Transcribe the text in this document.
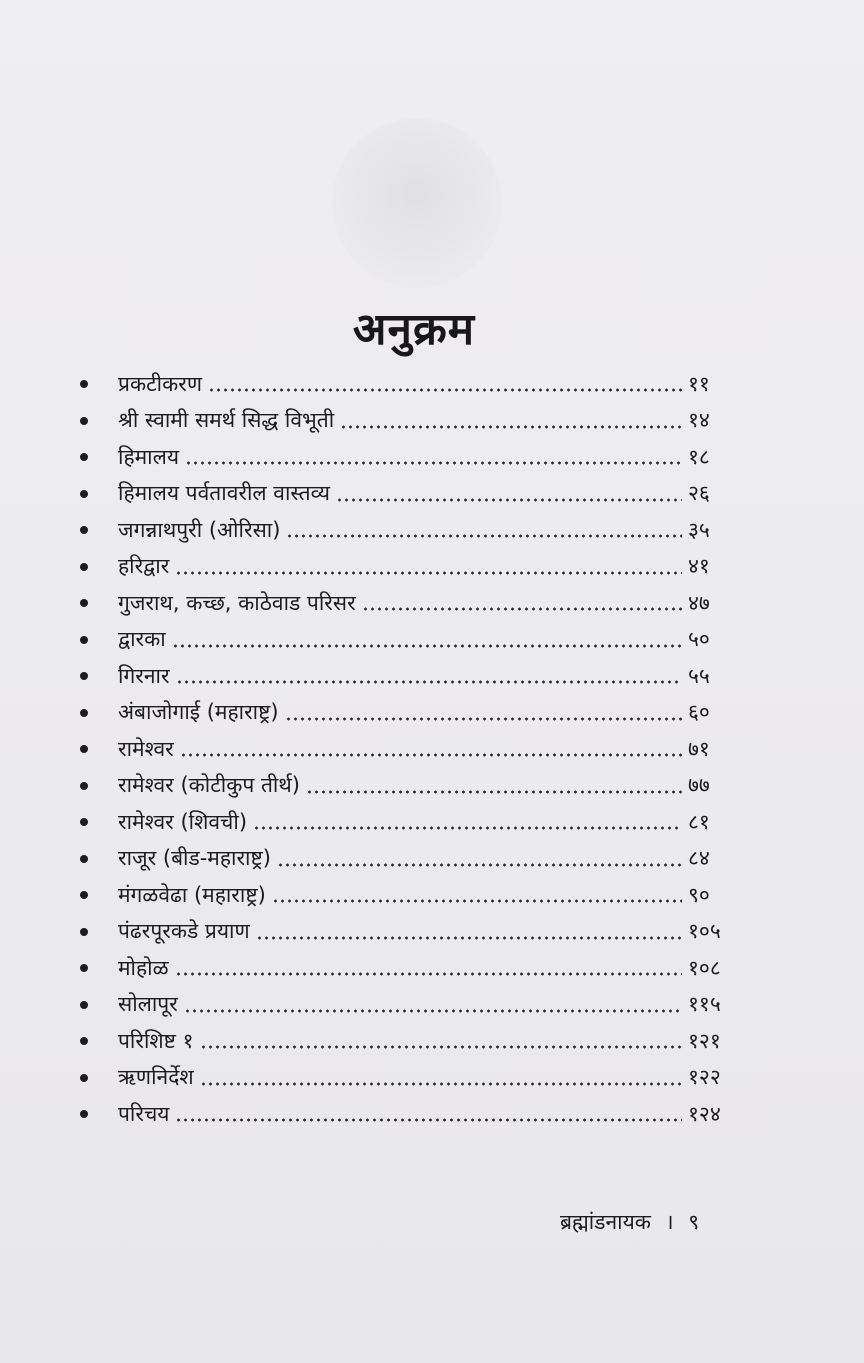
अनुक्रम
प्रकटीकरण	११
श्री स्वामी समर्थ सिद्ध विभूती	१४
हिमालय	१८
हिमालय पर्वतावरील वास्तव्य	२६
जगन्नाथपुरी (ओरिसा)	३५
हरिद्वार	४१
गुजराथ, कच्छ, काठेवाड परिसर	४७
द्वारका	५०
गिरनार	५५
अंबाजोगाई (महाराष्ट्र)	६०
रामेश्वर	७१
रामेश्वर (कोटीकुप तीर्थ)	७७
रामेश्वर (शिवची)	८१
राजूर (बीड-महाराष्ट्र)	८४
मंगळवेढा (महाराष्ट्र)	९०
पंढरपूरकडे प्रयाण	१०५
मोहोळ	१०८
सोलापूर	११५
परिशिष्ट १	१२१
ऋणनिर्देश	१२२
परिचय	१२४
ब्रह्मांडनायक । ९
